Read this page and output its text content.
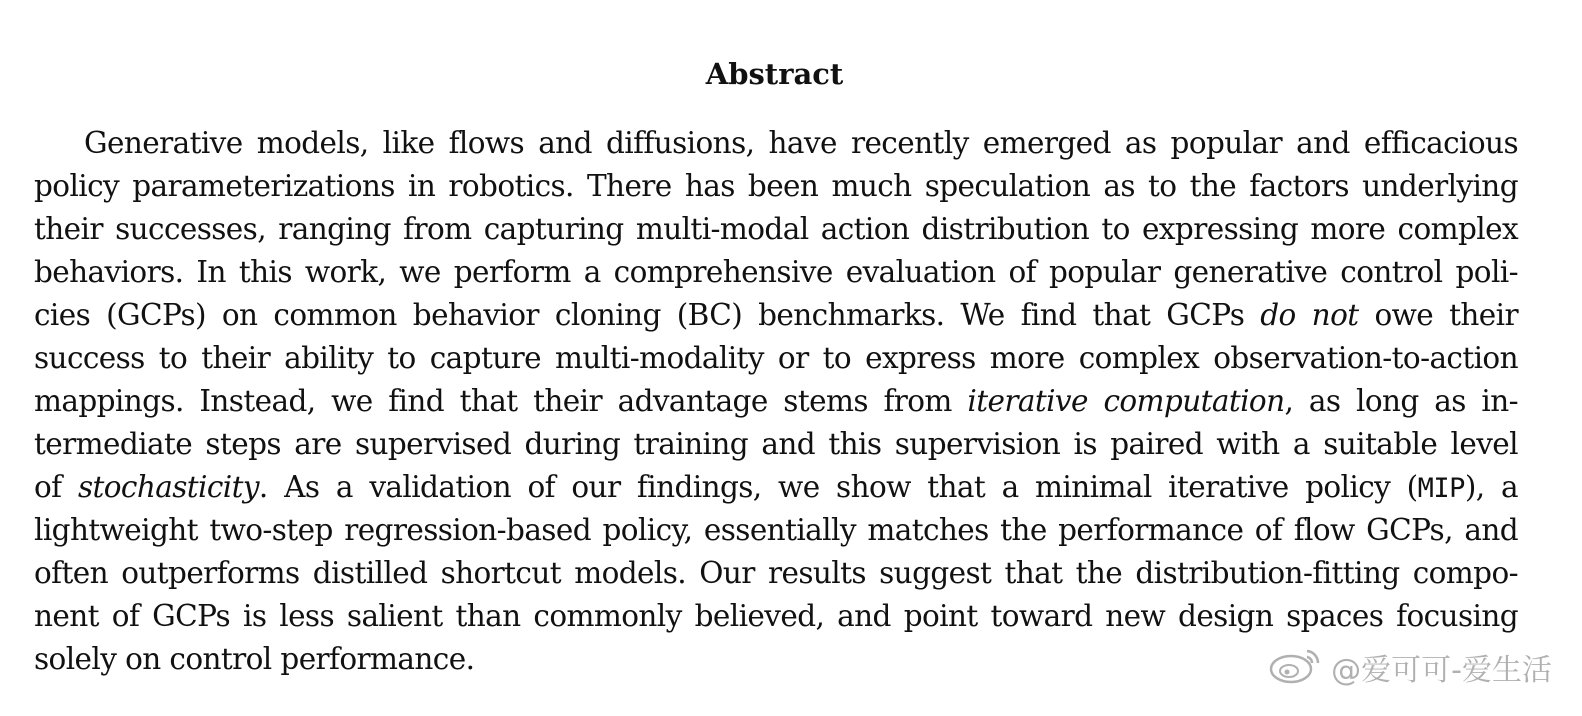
Abstract
Generative models, like flows and diffusions, have recently emerged as popular and efficacious
policy parameterizations in robotics. There has been much speculation as to the factors underlying
their successes, ranging from capturing multi-modal action distribution to expressing more complex
behaviors. In this work, we perform a comprehensive evaluation of popular generative control poli-
cies (GCPs) on common behavior cloning (BC) benchmarks. We find that GCPs do not owe their
success to their ability to capture multi-modality or to express more complex observation-to-action
mappings. Instead, we find that their advantage stems from iterative computation, as long as in-
termediate steps are supervised during training and this supervision is paired with a suitable level
of stochasticity. As a validation of our findings, we show that a minimal iterative policy (MIP), a
lightweight two-step regression-based policy, essentially matches the performance of flow GCPs, and
often outperforms distilled shortcut models. Our results suggest that the distribution-fitting compo-
nent of GCPs is less salient than commonly believed, and point toward new design spaces focusing
solely on control performance.	@爱可可-爱生活
